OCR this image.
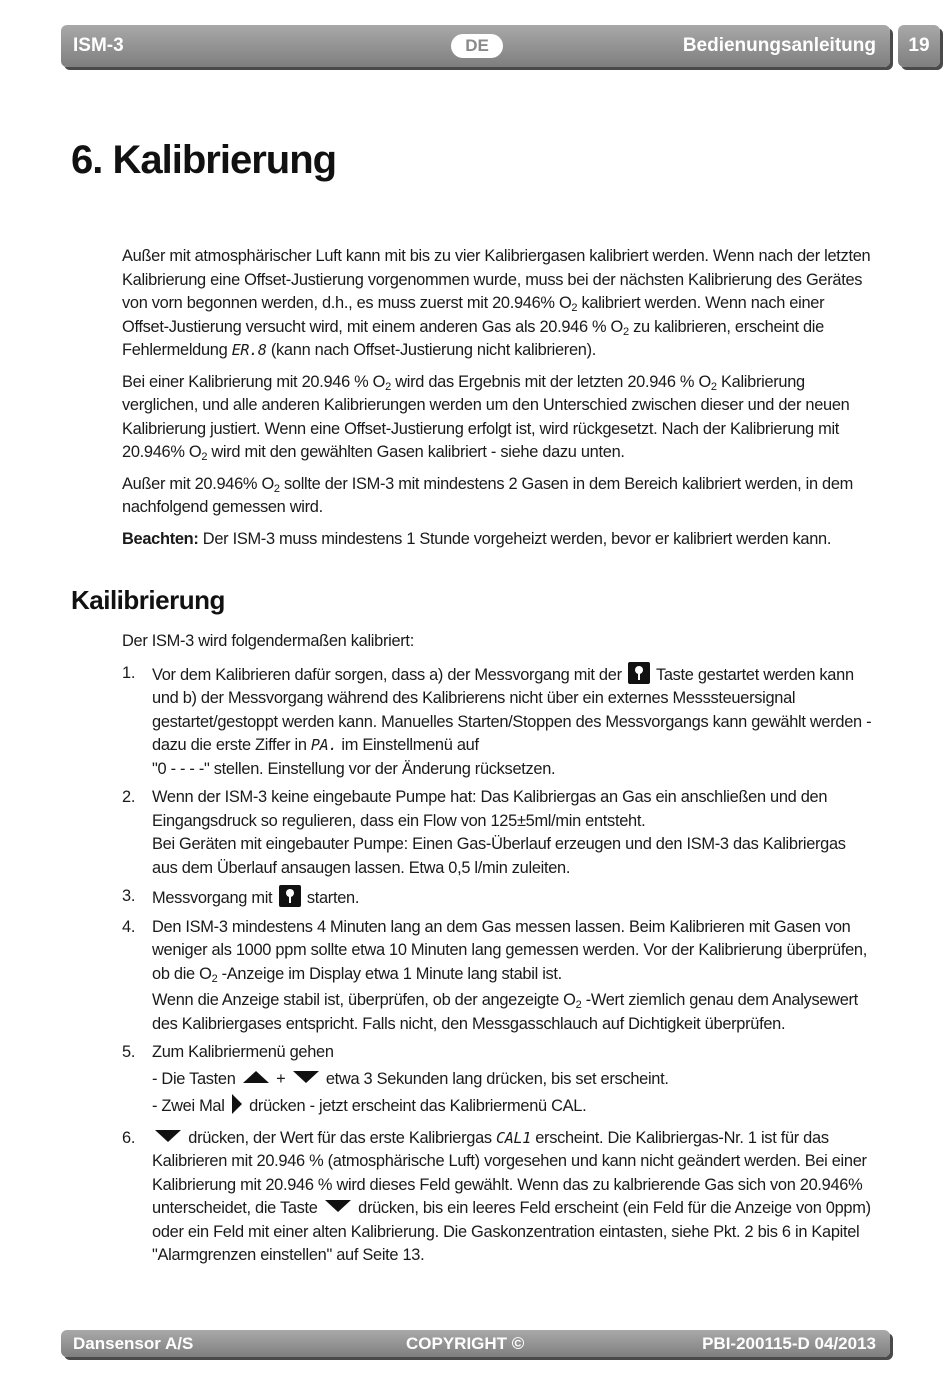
ISM-3	DE	Bedienungsanleitung	19
6. Kalibrierung

Außer mit atmosphärischer Luft kann mit bis zu vier Kalibriergasen kalibriert werden. Wenn nach der letzten Kalibrierung eine Offset-Justierung vorgenommen wurde, muss bei der nächsten Kalibrierung des Gerätes von vorn begonnen werden, d.h., es muss zuerst mit 20.946% $O_2$ kalibriert werden. Wenn nach einer Offset-Justierung versucht wird, mit einem anderen Gas als 20.946 % $O_2$ zu kalibrieren, erscheint die Fehlermeldung ER.8 (kann nach Offset-Justierung nicht kalibrieren).

Bei einer Kalibrierung mit 20.946 % $O_2$ wird das Ergebnis mit der letzten 20.946 % $O_2$ Kalibrierung verglichen, und alle anderen Kalibrierungen werden um den Unterschied zwischen dieser und der neuen Kalibrierung justiert. Wenn eine Offset-Justierung erfolgt ist, wird rückgesetzt. Nach der Kalibrierung mit 20.946% $O_2$ wird mit den gewählten Gasen kalibriert - siehe dazu unten.

Außer mit 20.946% $O_2$ sollte der ISM-3 mit mindestens 2 Gasen in dem Bereich kalibriert werden, in dem nachfolgend gemessen wird.

Beachten: Der ISM-3 muss mindestens 1 Stunde vorgeheizt werden, bevor er kalibriert werden kann.

Kailibrierung

Der ISM-3 wird folgendermaßen kalibriert:

1. Vor dem Kalibrieren dafür sorgen, dass a) der Messvorgang mit der  Taste gestartet werden kann und b) der Messvorgang während des Kalibrierens nicht über ein externes Messsteuersignal gestartet/gestoppt werden kann. Manuelles Starten/Stoppen des Messvorgangs kann gewählt werden - dazu die erste Ziffer in PA. im Einstellmenü auf
"0 - - - -" stellen. Einstellung vor der Änderung rücksetzen.
2. Wenn der ISM-3 keine eingebaute Pumpe hat: Das Kalibriergas an Gas ein anschließen und den Eingangsdruck so regulieren, dass ein Flow von 125±5ml/min entsteht.
Bei Geräten mit eingebauter Pumpe: Einen Gas-Überlauf erzeugen und den ISM-3 das Kalibriergas aus dem Überlauf ansaugen lassen. Etwa 0,5 l/min zuleiten.
3. Messvorgang mit  starten.
4. Den ISM-3 mindestens 4 Minuten lang an dem Gas messen lassen. Beim Kalibrieren mit Gasen von weniger als 1000 ppm sollte etwa 10 Minuten lang gemessen werden. Vor der Kalibrierung überprüfen, ob die $O_2$ -Anzeige im Display etwa 1 Minute lang stabil ist.
Wenn die Anzeige stabil ist, überprüfen, ob der angezeigte $O_2$ -Wert ziemlich genau dem Analysewert des Kalibriergases entspricht. Falls nicht, den Messgasschlauch auf Dichtigkeit überprüfen.
5. Zum Kalibriermenü gehen
- Die Tasten  +  etwa 3 Sekunden lang drücken, bis set erscheint.
- Zwei Mal  drücken - jetzt erscheint das Kalibriermenü CAL.
6.	drücken, der Wert für das erste Kalibriergas CAL1 erscheint. Die Kalibriergas-Nr. 1 ist für das Kalibrieren mit 20.946 % (atmosphärische Luft) vorgesehen und kann nicht geändert werden. Bei einer Kalibrierung mit 20.946 % wird dieses Feld gewählt. Wenn das zu kalbrierende Gas sich von 20.946% unterscheidet, die Taste  drücken, bis ein leeres Feld erscheint (ein Feld für die Anzeige von 0ppm) oder ein Feld mit einer alten Kalibrierung. Die Gaskonzentration eintasten, siehe Pkt. 2 bis 6 in Kapitel "Alarmgrenzen einstellen" auf Seite 13.
Dansensor A/S	COPYRIGHT ©	PBI-200115-D 04/2013
